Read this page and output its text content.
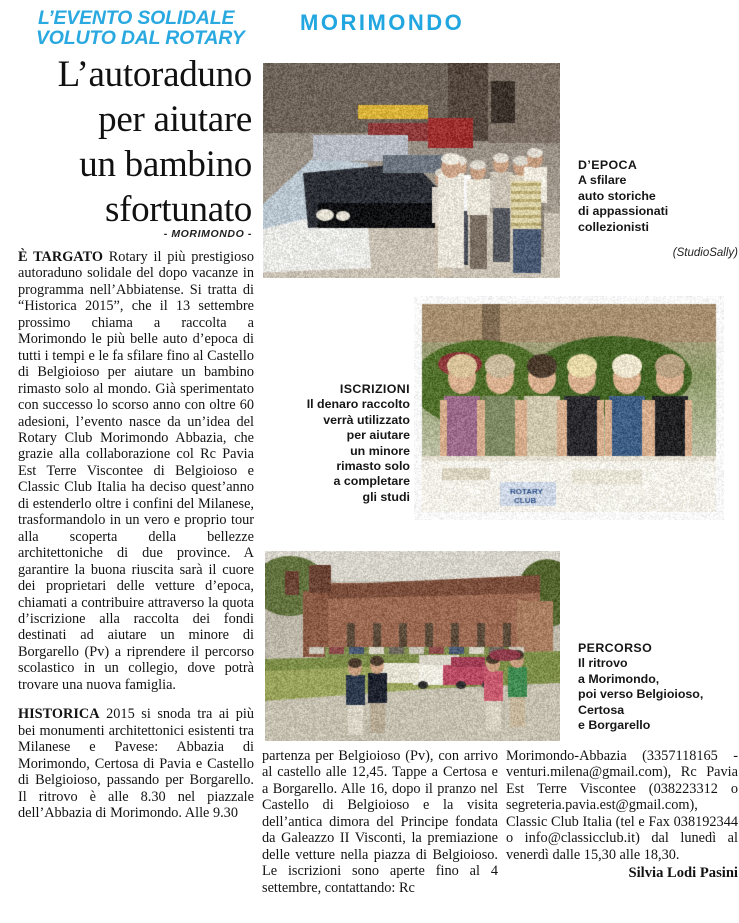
L’EVENTO SOLIDALE
VOLUTO DAL ROTARY
MORIMONDO
L’autoraduno
per aiutare
un bambino
sfortunato
- MORIMONDO -
D’EPOCA
A sfilare
auto storiche
di appassionati
collezionisti
(StudioSally)
ISCRIZIONI
Il denaro raccolto
verrà utilizzato
per aiutare
un minore
rimasto solo
a completare
gli studi
PERCORSO
Il ritrovo
a Morimondo,
poi verso Belgioioso,
Certosa
e Borgarello

È TARGATO Rotary il più prestigioso autoraduno solidale del dopo vacanze in programma nell’Abbiatense. Si tratta di “Historica 2015”, che il 13 settembre prossimo chiama a raccolta a Morimondo le più belle auto d’epoca di tutti i tempi e le fa sfilare fino al Castello di Belgioioso per aiutare un bambino rimasto solo al mondo. Già sperimentato con successo lo scorso anno con oltre 60 adesioni, l’evento nasce da un’idea del Rotary Club Morimondo Abbazia, che grazie alla collaborazione col Rc Pavia Est Terre Viscontee di Belgioioso e Classic Club Italia ha deciso quest’anno di estenderlo oltre i confini del Milanese, trasformandolo in un vero e proprio tour alla scoperta della bellezze architettoniche di due province. A garantire la buona riuscita sarà il cuore dei proprietari delle vetture d’epoca, chiamati a contribuire attraverso la quota d’iscrizione alla raccolta dei fondi destinati ad aiutare un minore di Borgarello (Pv) a riprendere il percorso scolastico in un collegio, dove potrà trovare una nuova famiglia.

HISTORICA 2015 si snoda tra ai più bei monumenti architettonici esistenti tra Milanese e Pavese: Abbazia di Morimondo, Certosa di Pavia e Castello di Belgioioso, passando per Borgarello. Il ritrovo è alle 8.30 nel piazzale dell’Abbazia di Morimondo. Alle 9.30

partenza per Belgioioso (Pv), con arrivo al castello alle 12,45. Tappe a Certosa e a Borgarello. Alle 16, dopo il pranzo nel Castello di Belgioioso e la visita dell’antica dimora del Principe fondata da Galeazzo II Visconti, la premiazione delle vetture nella piazza di Belgioioso. Le iscrizioni sono aperte fino al 4 settembre, contattando: Rc

Morimondo-Abbazia (3357118165 - venturi.milena@gmail.com), Rc Pavia Est Terre Viscontee (038223312 o segreteria.pavia.est@gmail.com), Classic Club Italia (tel e Fax 038192344 o info@classicclub.it) dal lunedì al venerdì dalle 15,30 alle 18,30.

Silvia Lodi Pasini
